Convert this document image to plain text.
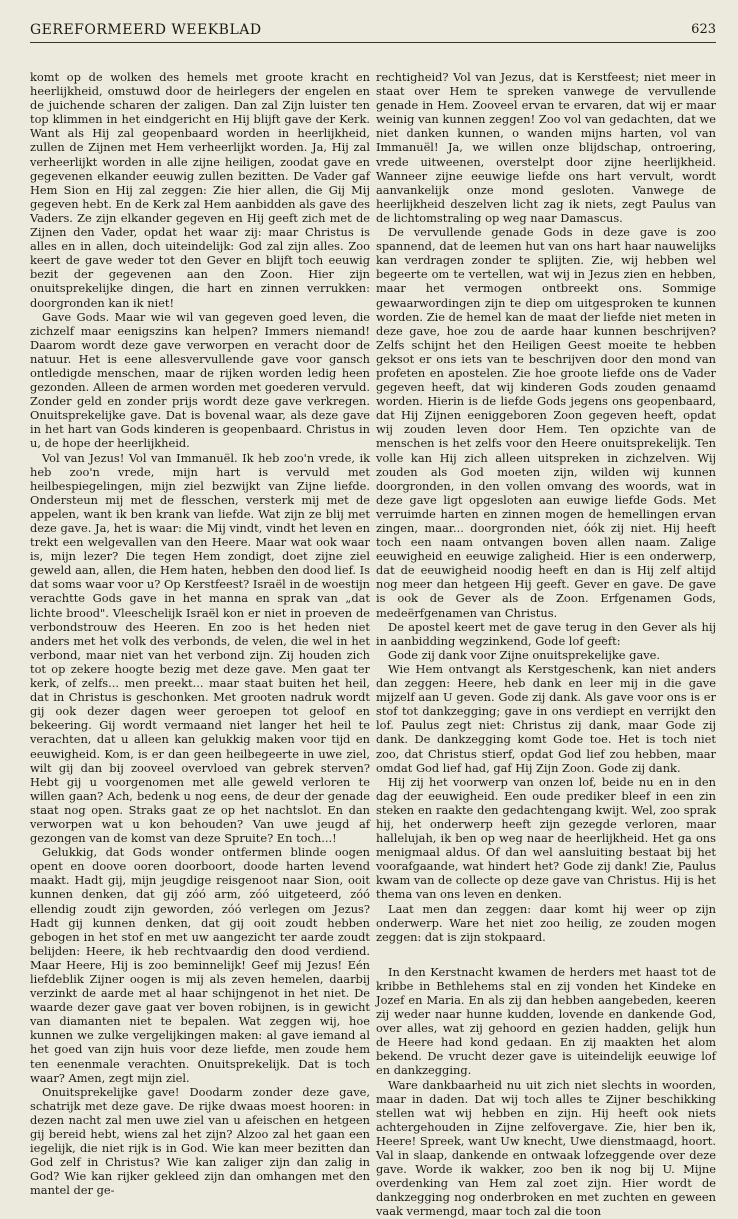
GEREFORMEERD WEEKBLAD	623

komt op de wolken des hemels met groote kracht en heerlijkheid, omstuwd door de heirlegers der engelen en de juichende scharen der zaligen. Dan zal Zijn luister ten top klimmen in het eindgericht en Hij blijft gave der Kerk. Want als Hij zal geopenbaard worden in heerlijkheid, zullen de Zijnen met Hem verheerlijkt worden. Ja, Hij zal verheerlijkt worden in alle zijne heiligen, zoodat gave en gegevenen elkander eeuwig zullen bezitten. De Vader gaf Hem Sion en Hij zal zeggen: Zie hier allen, die Gij Mij gegeven hebt. En de Kerk zal Hem aanbidden als gave des Vaders. Ze zijn elkander gegeven en Hij geeft zich met de Zijnen den Vader, opdat het waar zij: maar Christus is alles en in allen, doch uiteindelijk: God zal zijn alles. Zoo keert de gave weder tot den Gever en blijft toch eeuwig bezit der gegevenen aan den Zoon. Hier zijn onuitsprekelijke dingen, die hart en zinnen verrukken: doorgronden kan ik niet!

Gave Gods. Maar wie wil van gegeven goed leven, die zichzelf maar eenigszins kan helpen? Immers niemand! Daarom wordt deze gave verworpen en veracht door de natuur. Het is eene allesvervullende gave voor gansch ontledigde menschen, maar de rijken worden ledig heen gezonden. Alleen de armen worden met goederen vervuld. Zonder geld en zonder prijs wordt deze gave verkregen. Onuitsprekelijke gave. Dat is bovenal waar, als deze gave in het hart van Gods kinderen is geopenbaard. Christus in u, de hope der heerlijkheid.

Vol van Jezus! Vol van Immanuël. Ik heb zoo'n vrede, ik heb zoo'n vrede, mijn hart is vervuld met heilbespiegelingen, mijn ziel bezwijkt van Zijne liefde. Ondersteun mij met de flesschen, versterk mij met de appelen, want ik ben krank van liefde. Wat zijn ze blij met deze gave. Ja, het is waar: die Mij vindt, vindt het leven en trekt een welgevallen van den Heere. Maar wat ook waar is, mijn lezer? Die tegen Hem zondigt, doet zijne ziel geweld aan, allen, die Hem haten, hebben den dood lief. Is dat soms waar voor u? Op Kerstfeest? Israël in de woestijn verachtte Gods gave in het manna en sprak van „dat lichte brood". Vleeschelijk Israël kon er niet in proeven de verbondstrouw des Heeren. En zoo is het heden niet anders met het volk des verbonds, de velen, die wel in het verbond, maar niet van het verbond zijn. Zij houden zich tot op zekere hoogte bezig met deze gave. Men gaat ter kerk, of zelfs... men preekt... maar staat buiten het heil, dat in Christus is geschonken. Met grooten nadruk wordt gij ook dezer dagen weer geroepen tot geloof en bekeering. Gij wordt vermaand niet langer het heil te verachten, dat u alleen kan gelukkig maken voor tijd en eeuwigheid. Kom, is er dan geen heilbegeerte in uwe ziel, wilt gij dan bij zooveel overvloed van gebrek sterven? Hebt gij u voorgenomen met alle geweld verloren te willen gaan? Ach, bedenk u nog eens, de deur der genade staat nog open. Straks gaat ze op het nachtslot. En dan verworpen wat u kon behouden? Van uwe jeugd af gezongen van de komst van deze Spruite? En toch...!

Gelukkig, dat Gods wonder ontfermen blinde oogen opent en doove ooren doorboort, doode harten levend maakt. Hadt gij, mijn jeugdige reisgenoot naar Sion, ooit kunnen denken, dat gij zóó arm, zóó uitgeteerd, zóó ellendig zoudt zijn geworden, zóó verlegen om Jezus? Hadt gij kunnen denken, dat gij ooit zoudt hebben gebogen in het stof en met uw aangezicht ter aarde zoudt belijden: Heere, ik heb rechtvaardig den dood verdiend. Maar Heere, Hij is zoo beminnelijk! Geef mij Jezus! Eén liefdeblik Zijner oogen is mij als zeven hemelen, daarbij verzinkt de aarde met al haar schijngenot in het niet. De waarde dezer gave gaat ver boven robijnen, is in gewicht van diamanten niet te bepalen. Wat zeggen wij, hoe kunnen we zulke vergelijkingen maken: al gave iemand al het goed van zijn huis voor deze liefde, men zoude hem ten eenenmale verachten. Onuitsprekelijk. Dat is toch waar? Amen, zegt mijn ziel.

Onuitsprekelijke gave! Doodarm zonder deze gave, schatrijk met deze gave. De rijke dwaas moest hooren: in dezen nacht zal men uwe ziel van u afeischen en hetgeen gij bereid hebt, wiens zal het zijn? Alzoo zal het gaan een iegelijk, die niet rijk is in God. Wie kan meer bezitten dan God zelf in Christus? Wie kan zaliger zijn dan zalig in God? Wie kan rijker gekleed zijn dan omhangen met den mantel der ge-

rechtigheid? Vol van Jezus, dat is Kerstfeest; niet meer in staat over Hem te spreken vanwege de vervullende genade in Hem. Zooveel ervan te ervaren, dat wij er maar weinig van kunnen zeggen! Zoo vol van gedachten, dat we niet danken kunnen, o wanden mijns harten, vol van Immanuël! Ja, we willen onze blijdschap, ontroering, vrede uitweenen, overstelpt door zijne heerlijkheid. Wanneer zijne eeuwige liefde ons hart vervult, wordt aanvankelijk onze mond gesloten. Vanwege de heerlijkheid deszelven licht zag ik niets, zegt Paulus van de lichtomstraling op weg naar Damascus.

De vervullende genade Gods in deze gave is zoo spannend, dat de leemen hut van ons hart haar nauwelijks kan verdragen zonder te splijten. Zie, wij hebben wel begeerte om te vertellen, wat wij in Jezus zien en hebben, maar het vermogen ontbreekt ons. Sommige gewaarwordingen zijn te diep om uitgesproken te kunnen worden. Zie de hemel kan de maat der liefde niet meten in deze gave, hoe zou de aarde haar kunnen beschrijven? Zelfs schijnt het den Heiligen Geest moeite te hebben geksot er ons iets van te beschrijven door den mond van profeten en apostelen. Zie hoe groote liefde ons de Vader gegeven heeft, dat wij kinderen Gods zouden genaamd worden. Hierin is de liefde Gods jegens ons geopenbaard, dat Hij Zijnen eeniggeboren Zoon gegeven heeft, opdat wij zouden leven door Hem. Ten opzichte van de menschen is het zelfs voor den Heere onuitsprekelijk. Ten volle kan Hij zich alleen uitspreken in zichzelven. Wij zouden als God moeten zijn, wilden wij kunnen doorgronden, in den vollen omvang des woords, wat in deze gave ligt opgesloten aan euwige liefde Gods. Met verruimde harten en zinnen mogen de hemellingen ervan zingen, maar... doorgronden niet, óók zij niet. Hij heeft toch een naam ontvangen boven allen naam. Zalige eeuwigheid en eeuwige zaligheid. Hier is een onderwerp, dat de eeuwigheid noodig heeft en dan is Hij zelf altijd nog meer dan hetgeen Hij geeft. Gever en gave. De gave is ook de Gever als de Zoon. Erfgenamen Gods, medeërfgenamen van Christus.

De apostel keert met de gave terug in den Gever als hij in aanbidding wegzinkend, Gode lof geeft:

Gode zij dank voor Zijne onuitsprekelijke gave.

Wie Hem ontvangt als Kerstgeschenk, kan niet anders dan zeggen: Heere, heb dank en leer mij in die gave mijzelf aan U geven. Gode zij dank. Als gave voor ons is er stof tot dankzegging; gave in ons verdiept en verrijkt den lof. Paulus zegt niet: Christus zij dank, maar Gode zij dank. De dankzegging komt Gode toe. Het is toch niet zoo, dat Christus stierf, opdat God lief zou hebben, maar omdat God lief had, gaf Hij Zijn Zoon. Gode zij dank.

Hij zij het voorwerp van onzen lof, beide nu en in den dag der eeuwigheid. Een oude prediker bleef in een zin steken en raakte den gedachtengang kwijt. Wel, zoo sprak hij, het onderwerp heeft zijn gezegde verloren, maar hallelujah, ik ben op weg naar de heerlijkheid. Het ga ons menigmaal aldus. Of dan wel aansluiting bestaat bij het voorafgaande, wat hindert het? Gode zij dank! Zie, Paulus kwam van de collecte op deze gave van Christus. Hij is het thema van ons leven en denken.

Laat men dan zeggen: daar komt hij weer op zijn onderwerp. Ware het niet zoo heilig, ze zouden mogen zeggen: dat is zijn stokpaard.

In den Kerstnacht kwamen de herders met haast tot de kribbe in Bethlehems stal en zij vonden het Kindeke en Jozef en Maria. En als zij dan hebben aangebeden, keeren zij weder naar hunne kudden, lovende en dankende God, over alles, wat zij gehoord en gezien hadden, gelijk hun de Heere had kond gedaan. En zij maakten het alom bekend. De vrucht dezer gave is uiteindelijk eeuwige lof en dankzegging.

Ware dankbaarheid nu uit zich niet slechts in woorden, maar in daden. Dat wij toch alles te Zijner beschikking stellen wat wij hebben en zijn. Hij heeft ook niets achtergehouden in Zijne zelfovergave. Zie, hier ben ik, Heere! Spreek, want Uw knecht, Uwe dienstmaagd, hoort. Val in slaap, dankende en ontwaak lofzeggende over deze gave. Worde ik wakker, zoo ben ik nog bij U. Mijne overdenking van Hem zal zoet zijn. Hier wordt de dankzegging nog onderbroken en met zuchten en geween vaak vermengd, maar toch zal die toon
